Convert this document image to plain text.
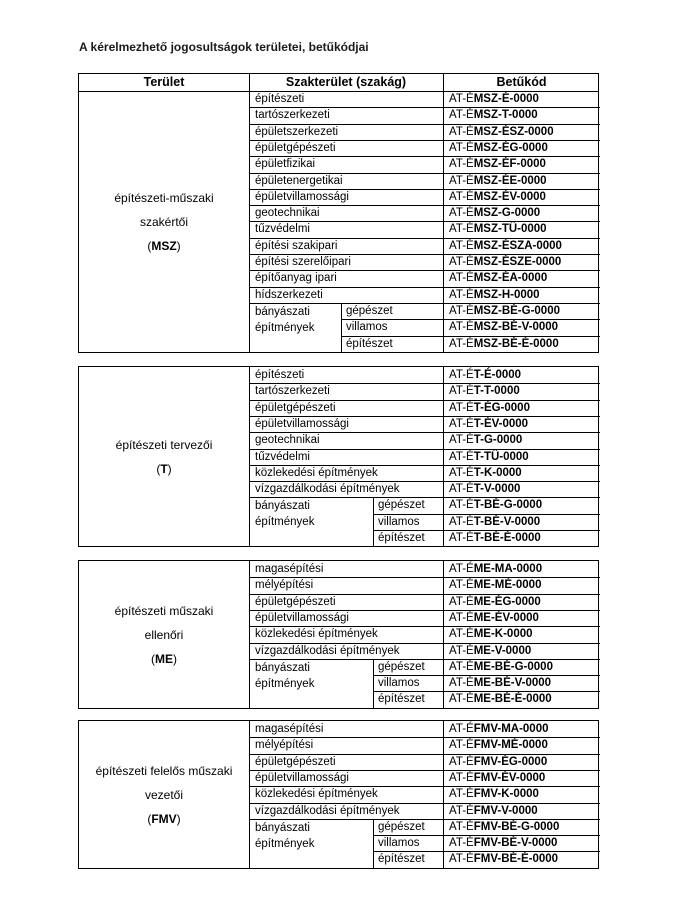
A kérelmezhető jogosultságok területei, betűkódjai
Terület	Szakterület (szakág)	Betűkód
építészeti-műszaki
szakértői
(MSZ)
építészeti	AT-ÉMSZ-É-0000
tartószerkezeti	AT-ÉMSZ-T-0000
épületszerkezeti	AT-ÉMSZ-ÉSZ-0000
épületgépészeti	AT-ÉMSZ-ÉG-0000
épületfizikai	AT-ÉMSZ-ÉF-0000
épületenergetikai	AT-ÉMSZ-ÉE-0000
épületvillamossági	AT-ÉMSZ-ÉV-0000
geotechnikai	AT-ÉMSZ-G-0000
tűzvédelmi	AT-ÉMSZ-TÜ-0000
építési szakipari	AT-ÉMSZ-ÉSZA-0000
építési szerelőipari	AT-ÉMSZ-ÉSZE-0000
építőanyag ipari	AT-ÉMSZ-ÉA-0000
hídszerkezeti	AT-ÉMSZ-H-0000
bányászati
építmények
gépészet	AT-ÉMSZ-BÉ-G-0000
villamos	AT-ÉMSZ-BÉ-V-0000
építészet	AT-ÉMSZ-BÉ-É-0000
építészeti tervezői
(T)
építészeti	AT-ÉT-É-0000
tartószerkezeti	AT-ÉT-T-0000
épületgépészeti	AT-ÉT-ÉG-0000
épületvillamossági	AT-ÉT-ÉV-0000
geotechnikai	AT-ÉT-G-0000
tűzvédelmi	AT-ÉT-TÜ-0000
közlekedési építmények	AT-ÉT-K-0000
vízgazdálkodási építmények	AT-ÉT-V-0000
bányászati
építmények
gépészet AT-ÉT-BÉ-G-0000
villamos	AT-ÉT-BÉ-V-0000
építészet AT-ÉT-BÉ-É-0000
építészeti műszaki
ellenőri
(ME)
magasépítési	AT-ÉME-MA-0000
mélyépítési	AT-ÉME-MÉ-0000
épületgépészeti	AT-ÉME-ÉG-0000
épületvillamossági	AT-ÉME-ÉV-0000
közlekedési építmények	AT-ÉME-K-0000
vízgazdálkodási építmények	AT-ÉME-V-0000
bányászati
építmények
gépészet AT-ÉME-BÉ-G-0000
villamos	AT-ÉME-BÉ-V-0000
építészet AT-ÉME-BÉ-É-0000
építészeti felelős műszaki
vezetői
(FMV)
magasépítési	AT-ÉFMV-MA-0000
mélyépítési	AT-ÉFMV-MÉ-0000
épületgépészeti	AT-ÉFMV-ÉG-0000
épületvillamossági	AT-ÉFMV-ÉV-0000
közlekedési építmények	AT-ÉFMV-K-0000
vízgazdálkodási építmények	AT-ÉFMV-V-0000
bányászati
építmények
gépészet AT-ÉFMV-BÉ-G-0000
villamos	AT-ÉFMV-BÉ-V-0000
építészet AT-ÉFMV-BÉ-É-0000
